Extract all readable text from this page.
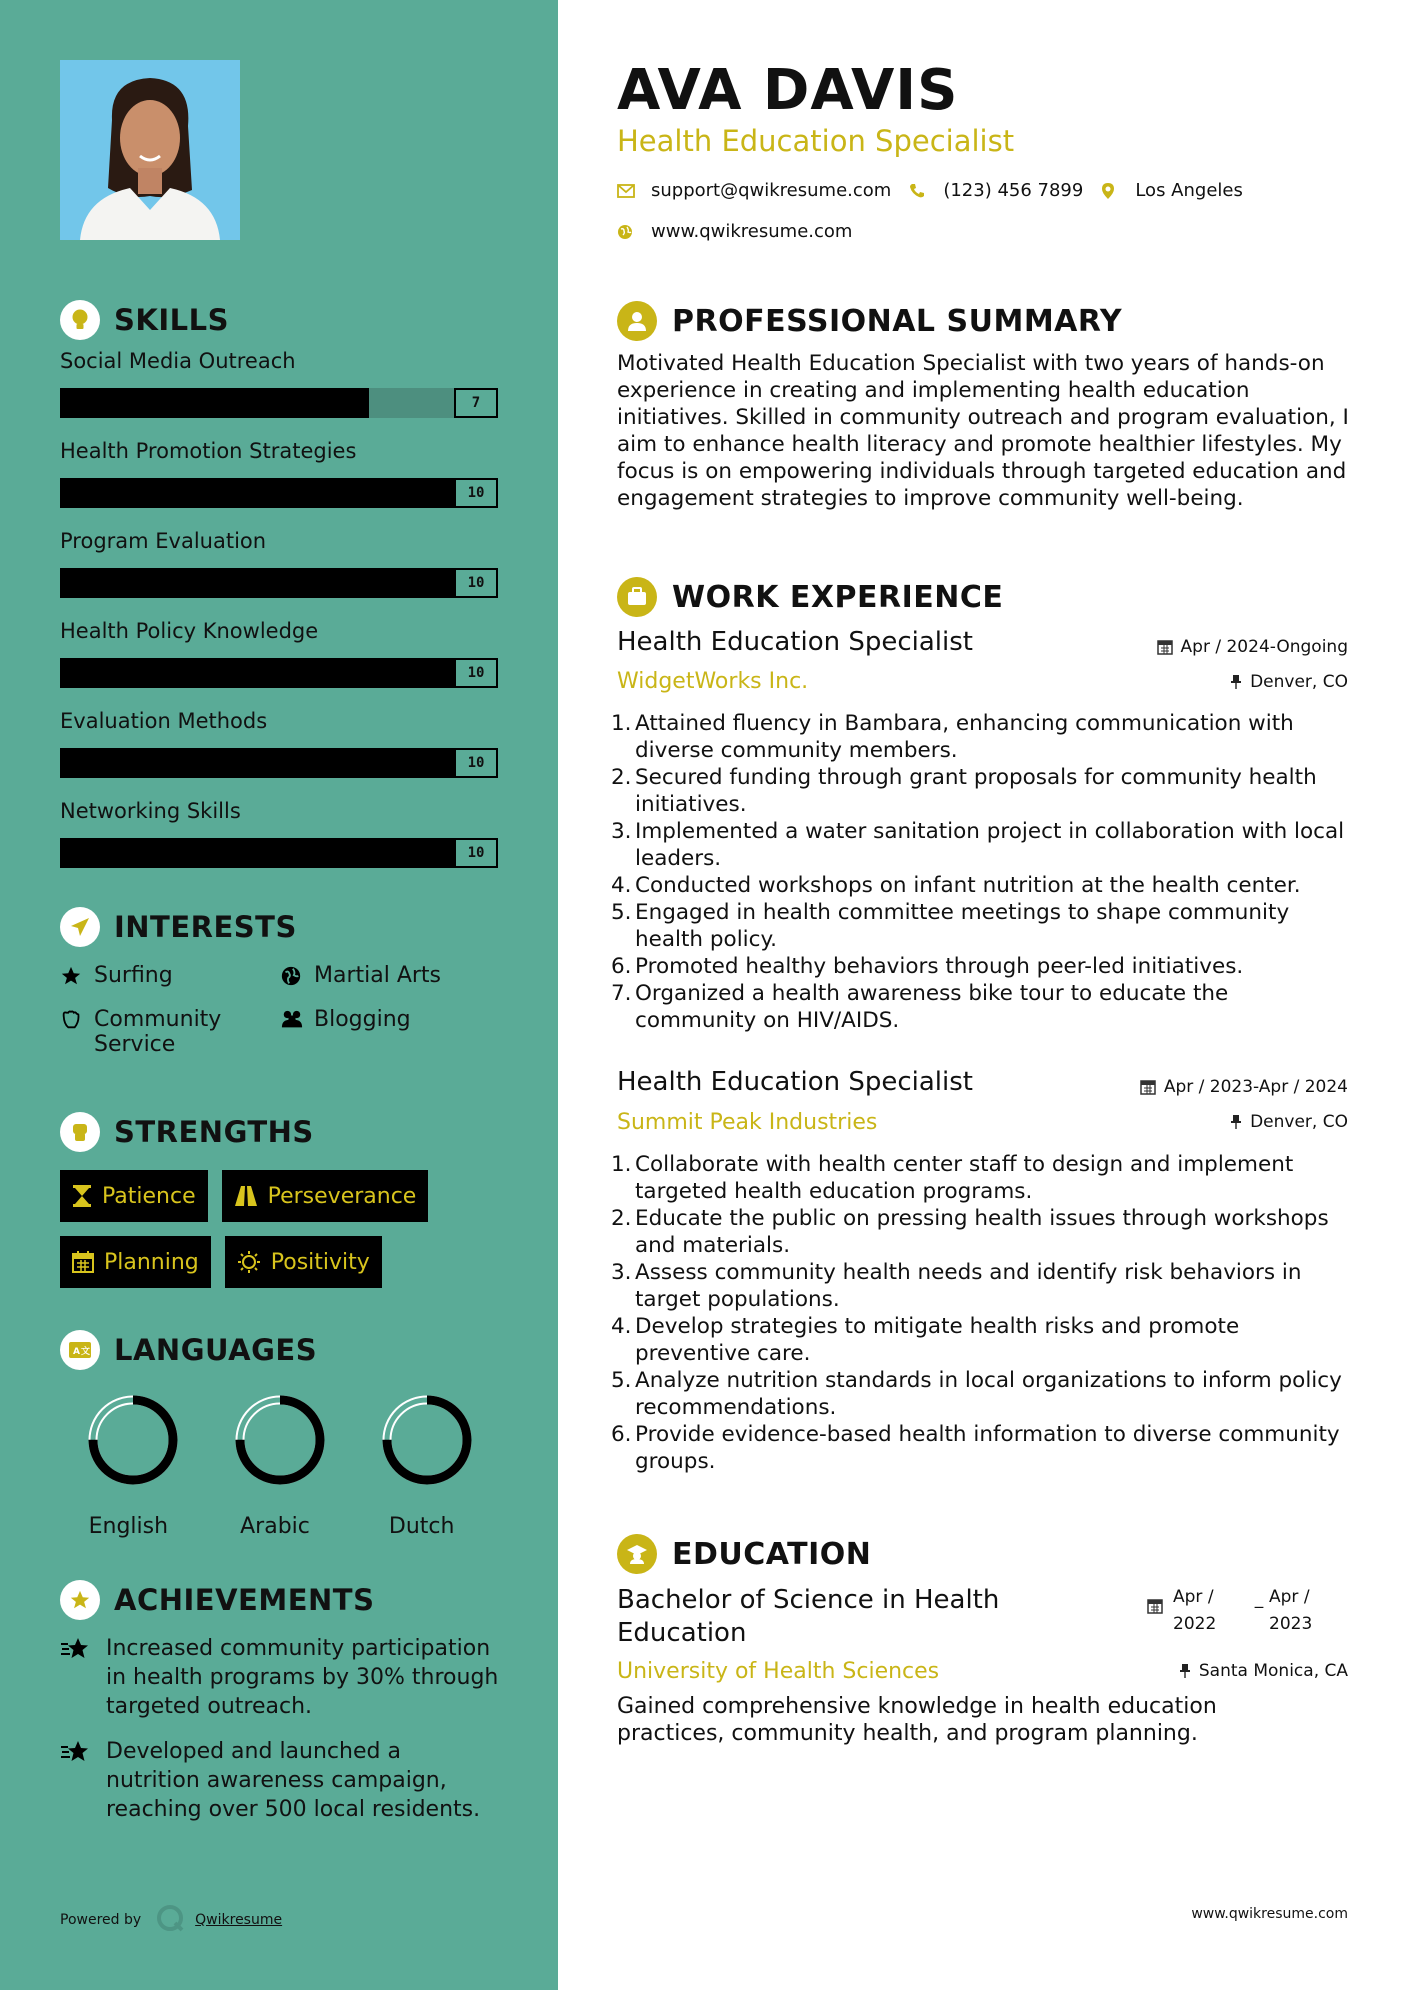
SKILLS
Social Media Outreach
7
Health Promotion Strategies
10
Program Evaluation
10
Health Policy Knowledge
10
Evaluation Methods
10
Networking Skills
10
INTERESTS
Surfing	Martial Arts
Community Service
Blogging
STRENGTHS
Patience	Perseverance
Planning	Positivity
A 文 LANGUAGES
English	Arabic	Dutch
ACHIEVEMENTS
Increased community participation in health programs by 30% through targeted outreach.
Developed and launched a nutrition awareness campaign, reaching over 500 local residents.
Powered by	Qwikresume
AVA DAVIS
Health Education Specialist
support@qwikresume.com	(123) 456 7899	Los Angeles
www.qwikresume.com
PROFESSIONAL SUMMARY
Motivated Health Education Specialist with two years of hands-on experience in creating and implementing health education initiatives. Skilled in community outreach and program evaluation, I aim to enhance health literacy and promote healthier lifestyles. My focus is on empowering individuals through targeted education and engagement strategies to improve community well-being.
WORK EXPERIENCE
Health Education Specialist	Apr / 2024-Ongoing
WidgetWorks Inc.	Denver, CO
1. Attained fluency in Bambara, enhancing communication with diverse community members.
2. Secured funding through grant proposals for community health initiatives.
3. Implemented a water sanitation project in collaboration with local leaders.
4. Conducted workshops on infant nutrition at the health center.
5. Engaged in health committee meetings to shape community health policy.
6. Promoted healthy behaviors through peer-led initiatives.
7. Organized a health awareness bike tour to educate the community on HIV/AIDS.
Health Education Specialist	Apr / 2023-Apr / 2024
Summit Peak Industries	Denver, CO
1. Collaborate with health center staff to design and implement targeted health education programs.
2. Educate the public on pressing health issues through workshops and materials.
3. Assess community health needs and identify risk behaviors in target populations.
4. Develop strategies to mitigate health risks and promote preventive care.
5. Analyze nutrition standards in local organizations to inform policy recommendations.
6. Provide evidence-based health information to diverse community groups.
EDUCATION
Bachelor of Science in Health
Education
Apr / 2022
_ Apr / 2023
University of Health Sciences	Santa Monica, CA
Gained comprehensive knowledge in health education practices, community health, and program planning.
www.qwikresume.com
